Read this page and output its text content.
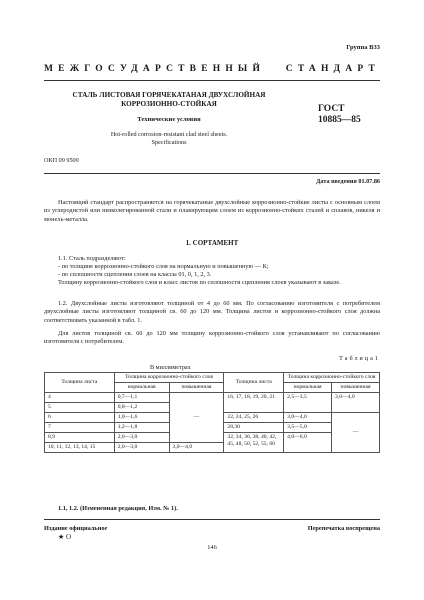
Группа В33
МЕЖГОСУДАРСТВЕННЫЙ СТАНДАРТ
СТАЛЬ ЛИСТОВАЯ ГОРЯЧЕКАТАНАЯ ДВУХСЛОЙНАЯ
КОРРОЗИОННО-СТОЙКАЯ
Технические условия
Hot-rolled corrosion-resistant clad steel sheets.
Specifications
ГОСТ
10885—85
ОКП 09 9500
Дата введения 01.07.86
Настоящий стандарт распространяется на горячекатаные двухслойные коррозионно-стойкие листы с основным слоем из углеродистой или низколегированной стали и плакирующим слоем из коррозионно-стойких сталей и сплавов, никеля и монель-металла.
1. СОРТАМЕНТ
1.1. Сталь подразделяют:
- по толщине коррозионно-стойкого слоя на нормальную и повышенную — К;
- по сплошности сцепления слоев на классы 01, 0, 1, 2, 3.
Толщину коррозионно-стойкого слоя и класс листов по сплошности сцепления слоев указывают в заказе.
1.2. Двухслойные листы изготовляют толщиной от 4 до 60 мм. По согласованию изготовителя с потребителем двухслойные листы изготовляют толщиной св. 60 до 120 мм. Толщина листов и коррозионно-стойкого слоя должна соответствовать указанной в табл. 1.
Для листов толщиной св. 60 до 120 мм толщину коррозионно-стойкого слоя устанавливают по согласованию изготовителя с потребителем.
Таблица1
В миллиметрах
Толщина листа	Толщина коррозионно-стойкого слоя		Толщина листа	Толщина коррозионно-стойкого слоя	
	нормальная	повышенная		нормальная	повышенная
4	0,7—1,1	—	16, 17, 18, 19, 20, 21	2,5—3,5	3,0—4,0
5	0,8—1,2				
6	1,0—1,6		22, 24, 25, 26	3,0—4,0	—
7	1,2—1,8		28,30	3,5—5,0	
8,9	2,0—3,0		32, 34, 36, 38, 40, 42, 45, 48, 50, 52, 55, 60	4,0—6,0	
10, 11, 12, 13, 14, 15	2,0—3,0	3,0—4,0			
1.1, 1.2. (Измененная редакция, Изм. № 1).
Издание официальное	Перепечатка воспрещена
★ О
146
